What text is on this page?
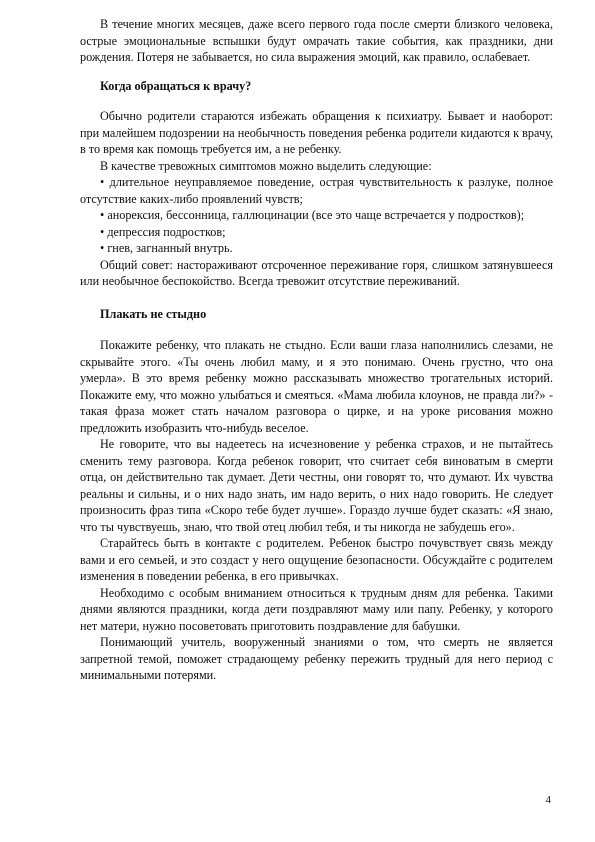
В течение многих месяцев, даже всего первого года после смерти близкого человека, острые эмоциональные вспышки будут омрачать такие события, как праздники, дни рождения. Потеря не забывается, но сила выражения эмоций, как правило, ослабевает.

Когда обращаться к врачу?

Обычно родители стараются избежать обращения к психиатру. Бывает и наоборот: при малейшем подозрении на необычность поведения ребенка родители кидаются к врачу, в то время как помощь требуется им, а не ребенку.

В качестве тревожных симптомов можно выделить следующие:

• длительное неуправляемое поведение, острая чувствительность к разлуке, полное отсутствие каких-либо проявлений чувств;

• анорексия, бессонница, галлюцинации (все это чаще встречается у подростков);

• депрессия подростков;

• гнев, загнанный внутрь.

Общий совет: настораживают отсроченное переживание горя, слишком затянувшееся или необычное беспокойство. Всегда тревожит отсутствие переживаний.

Плакать не стыдно

Покажите ребенку, что плакать не стыдно. Если ваши глаза наполнились слезами, не скрывайте этого. «Ты очень любил маму, и я это понимаю. Очень грустно, что она умерла». В это время ребенку можно рассказывать множество трогательных историй. Покажите ему, что можно улыбаться и смеяться. «Мама любила клоунов, не правда ли?» - такая фраза может стать началом разговора о цирке, и на уроке рисования можно предложить изобразить что-нибудь веселое.

Не говорите, что вы надеетесь на исчезновение у ребенка страхов, и не пытайтесь сменить тему разговора. Когда ребенок говорит, что считает себя виноватым в смерти отца, он действительно так думает. Дети честны, они говорят то, что думают. Их чувства реальны и сильны, и о них надо знать, им надо верить, о них надо говорить. Не следует произносить фраз типа «Скоро тебе будет лучше». Гораздо лучше будет сказать: «Я знаю, что ты чувствуешь, знаю, что твой отец любил тебя, и ты никогда не забудешь его».

Старайтесь быть в контакте с родителем. Ребенок быстро почувствует связь между вами и его семьей, и это создаст у него ощущение безопасности. Обсуждайте с родителем изменения в поведении ребенка, в его привычках.

Необходимо с особым вниманием относиться к трудным дням для ребенка. Такими днями являются праздники, когда дети поздравляют маму или папу. Ребенку, у которого нет матери, нужно посоветовать приготовить поздравление для бабушки.

Понимающий учитель, вооруженный знаниями о том, что смерть не является запретной темой, поможет страдающему ребенку пережить трудный для него период с минимальными потерями.

4
